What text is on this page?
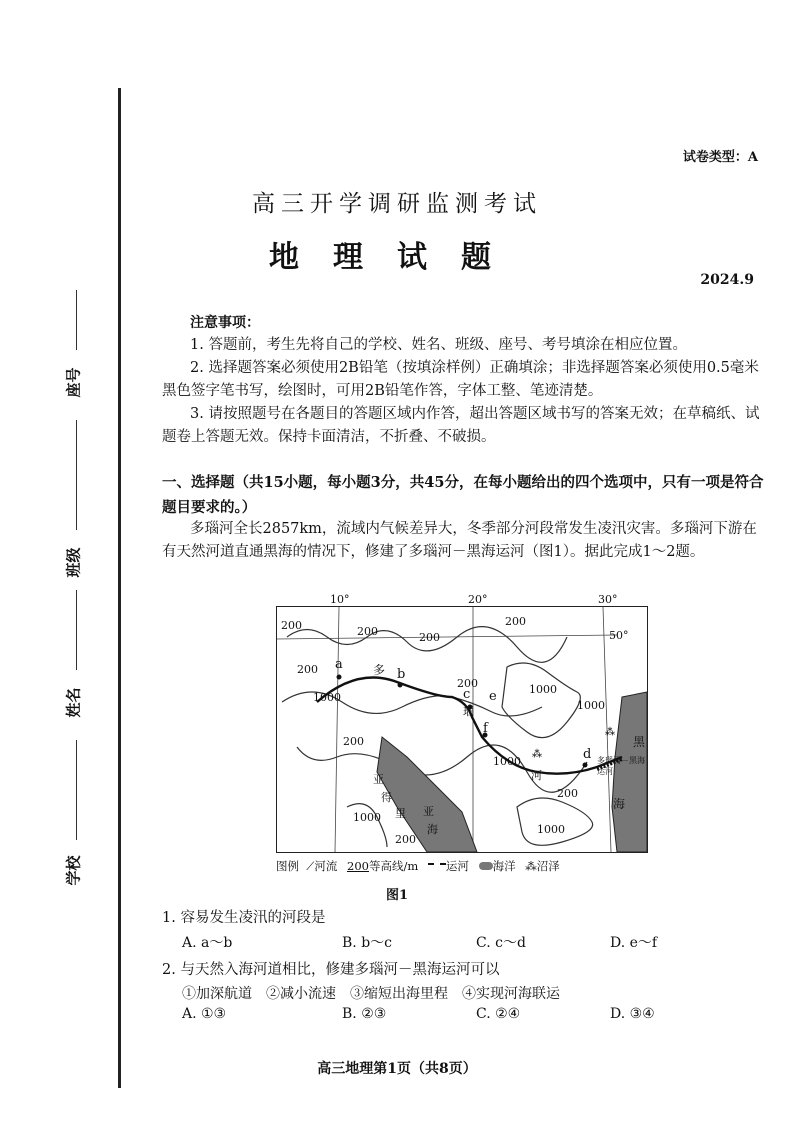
座号
班级
姓名
学校
试卷类型：A
高三开学调研监测考试
地理试题
2024.9
注意事项：

1. 答题前，考生先将自己的学校、姓名、班级、座号、考号填涂在相应位置。

2. 选择题答案必须使用2B铅笔（按填涂样例）正确填涂；非选择题答案必须使用0.5毫米黑色签字笔书写，绘图时，可用2B铅笔作答，字体工整、笔迹清楚。

3. 请按照题号在各题目的答题区域内作答，超出答题区域书写的答案无效；在草稿纸、试题卷上答题无效。保持卡面清洁，不折叠、不破损。

一、选择题（共15小题，每小题3分，共45分，在每小题给出的四个选项中，只有一项是符合题目要求的。）

多瑙河全长2857km，流域内气候差异大，冬季部分河段常发生凌汛灾害。多瑙河下游在有天然河道直通黑海的情况下，修建了多瑙河－黑海运河（图1）。据此完成1～2题。

10°	20°	30°
⁂
⁂
50°
200	200
200
200
200
200
1000
1000
200
1000
1000
200
1000
1000
200
a
b
c
d
e
f
多
瑙
河
黑
海
多瑙河－黑海运河
亚
得
里 亚
海
图例  ⟋河流 200等高线/m 运河 海洋 ⁂沼泽
图1
1. 容易发生凌汛的河段是
A. a～b	B. b～c	C. c～d	D. e～f
2. 与天然入海河道相比，修建多瑙河－黑海运河可以
①加深航道　②减小流速　③缩短出海里程　④实现河海联运
A. ①③	B. ②③	C. ②④	D. ③④
高三地理第1页（共8页）
